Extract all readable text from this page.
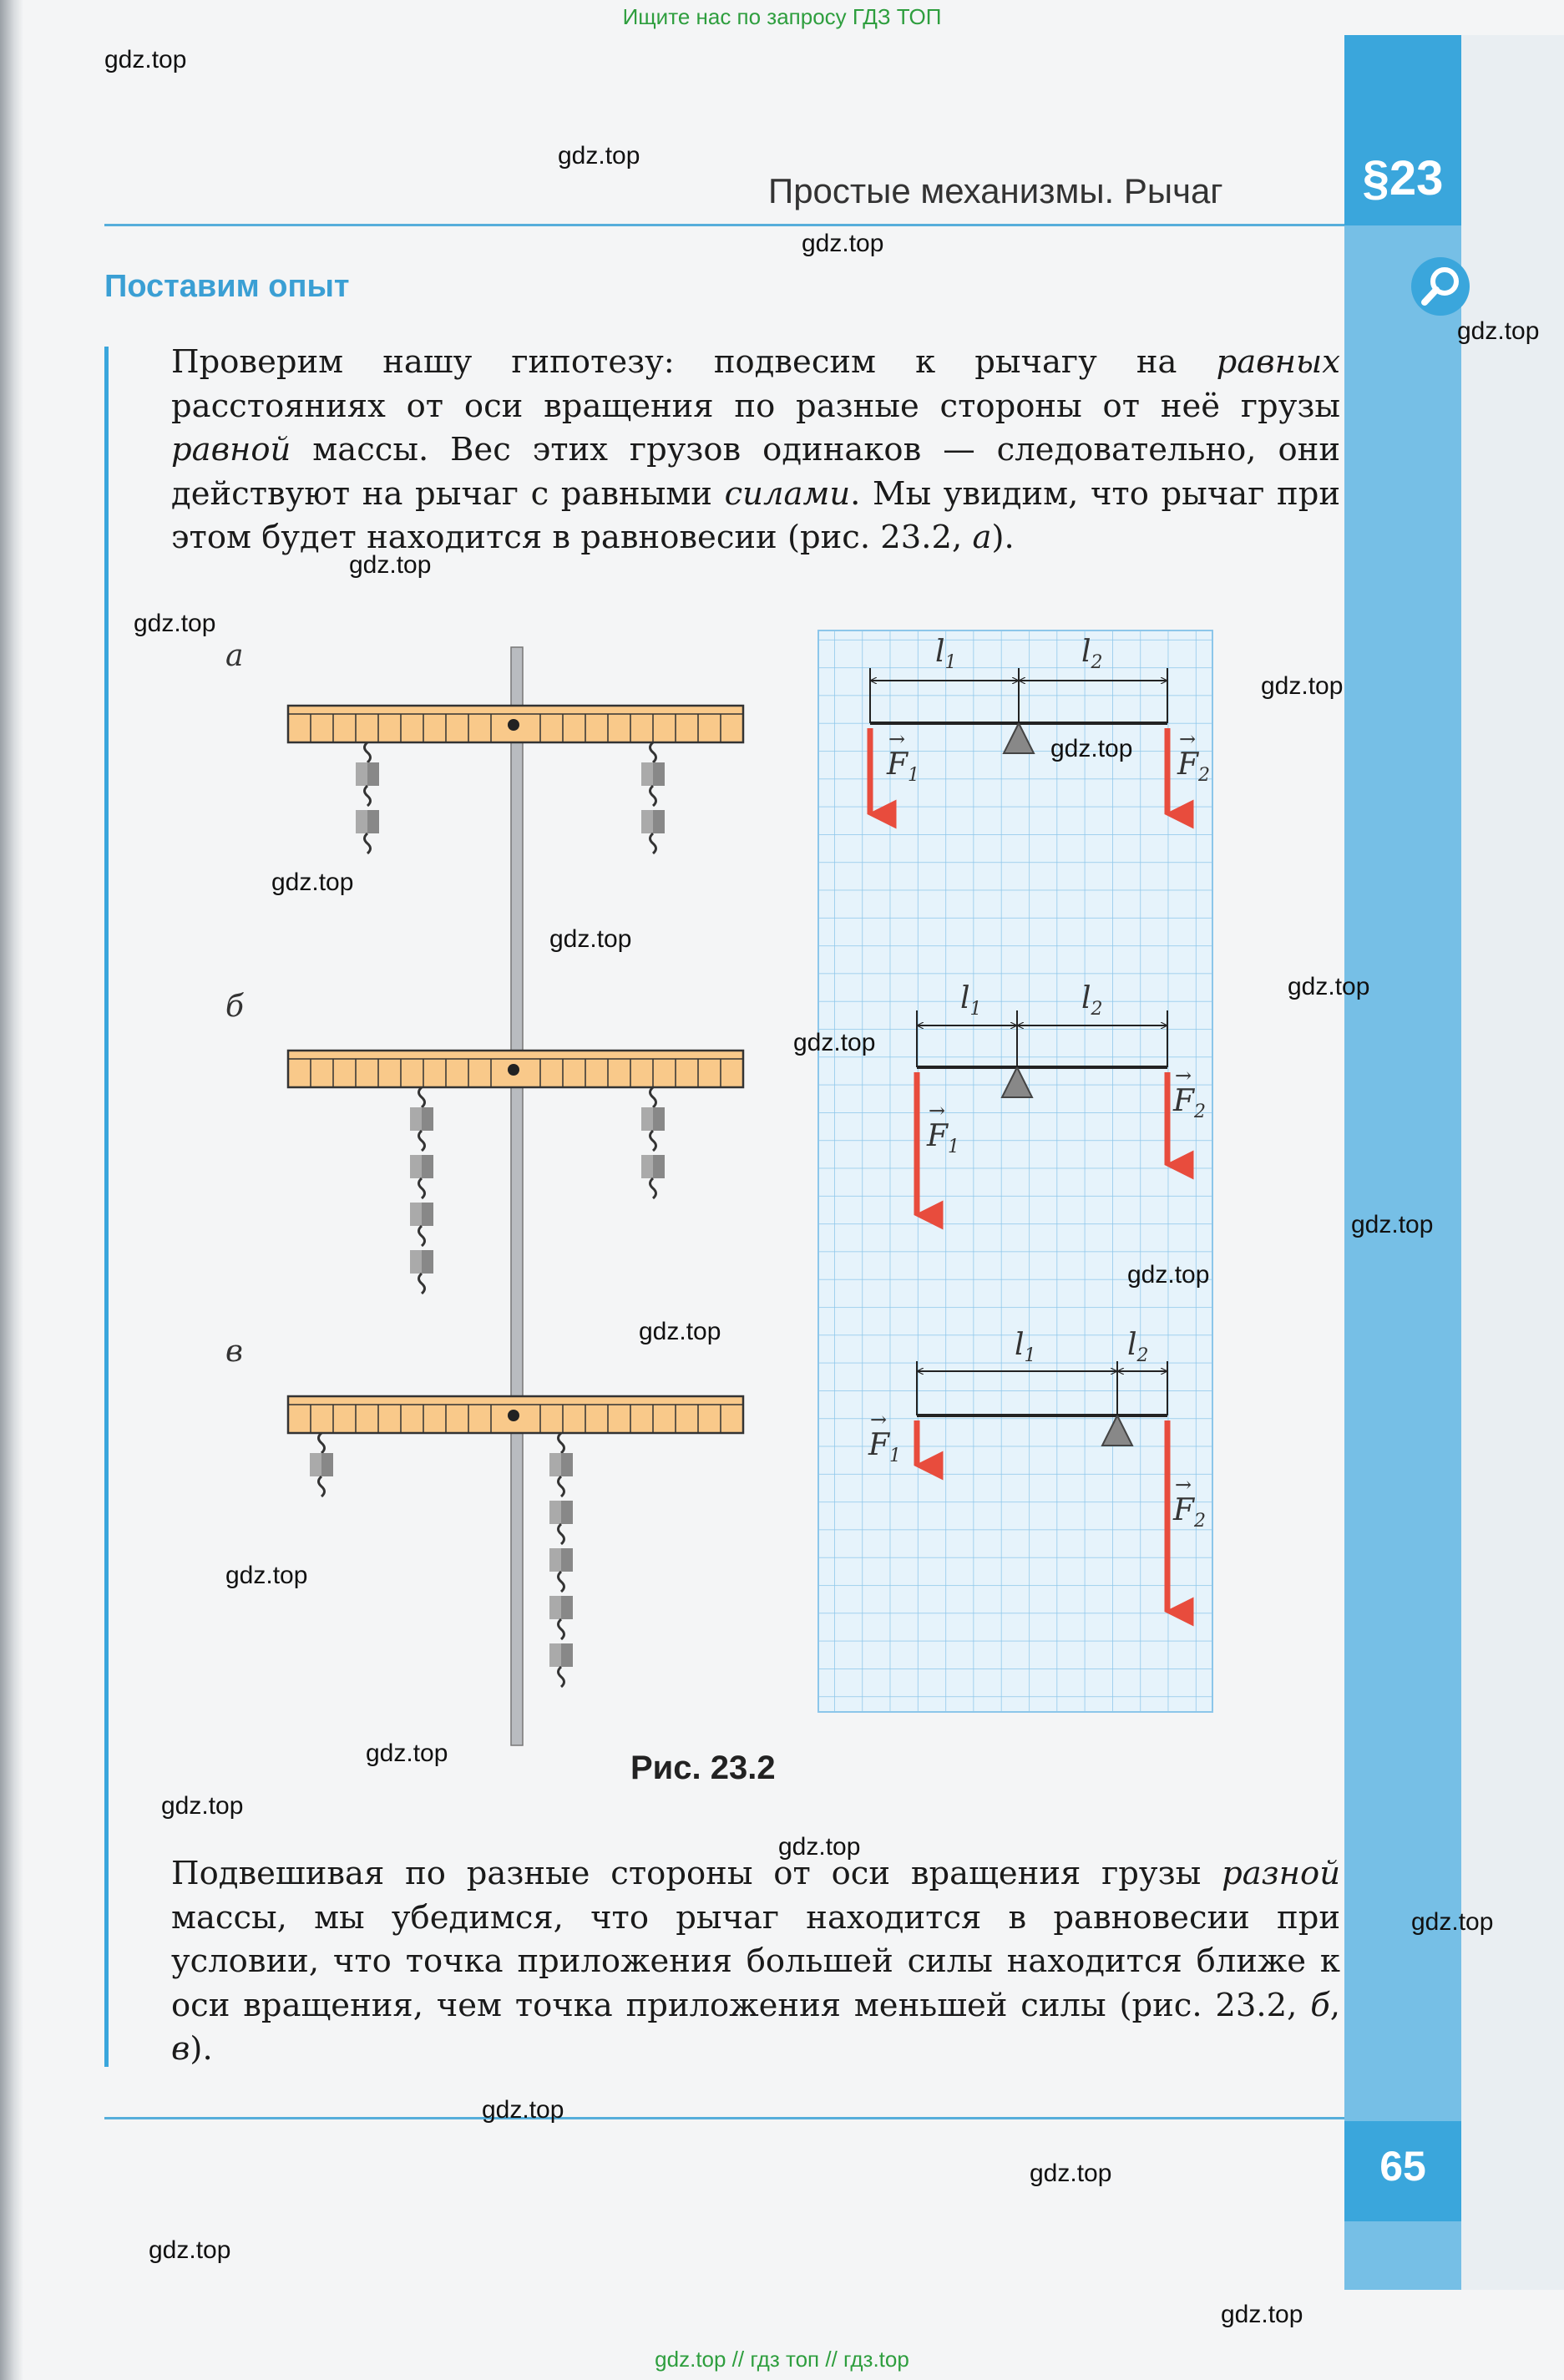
Ищите нас по запросу ГДЗ ТОП
§23
Простые механизмы. Рычаг
Поставим опыт
Проверим нашу гипотезу: подвесим к рычагу на равных расстояниях от оси вращения по разные стороны от неё грузы равной массы. Вес этих грузов одинаков — следовательно, они действуют на рычаг с равными силами. Мы увидим, что рычаг при этом будет находится в равновесии (рис. 23.2, а).
а
б
в
$l_1$	$l_2$
→
$F_1$
→
$F_2$
$l_1$	$l_2$
→
$F_1$
→
$F_2$
$l_1$	$l_2$
→
$F_1$
→
$F_2$
Рис. 23.2
Подвешивая по разные стороны от оси вращения грузы разной массы, мы убедимся, что рычаг находится в равновесии при условии, что точка приложения большей силы находится ближе к оси вращения, чем точка приложения меньшей силы (рис. 23.2, б, в).
65
gdz.top
gdz.top
gdz.top
gdz.top
gdz.top
gdz.top
gdz.top
gdz.top
gdz.top
gdz.top
gdz.top
gdz.top
gdz.top
gdz.top
gdz.top
gdz.top
gdz.top
gdz.top
gdz.top
gdz.top
gdz.top
gdz.top
gdz.top
gdz.top
gdz.top // гдз топ // гдз.top
